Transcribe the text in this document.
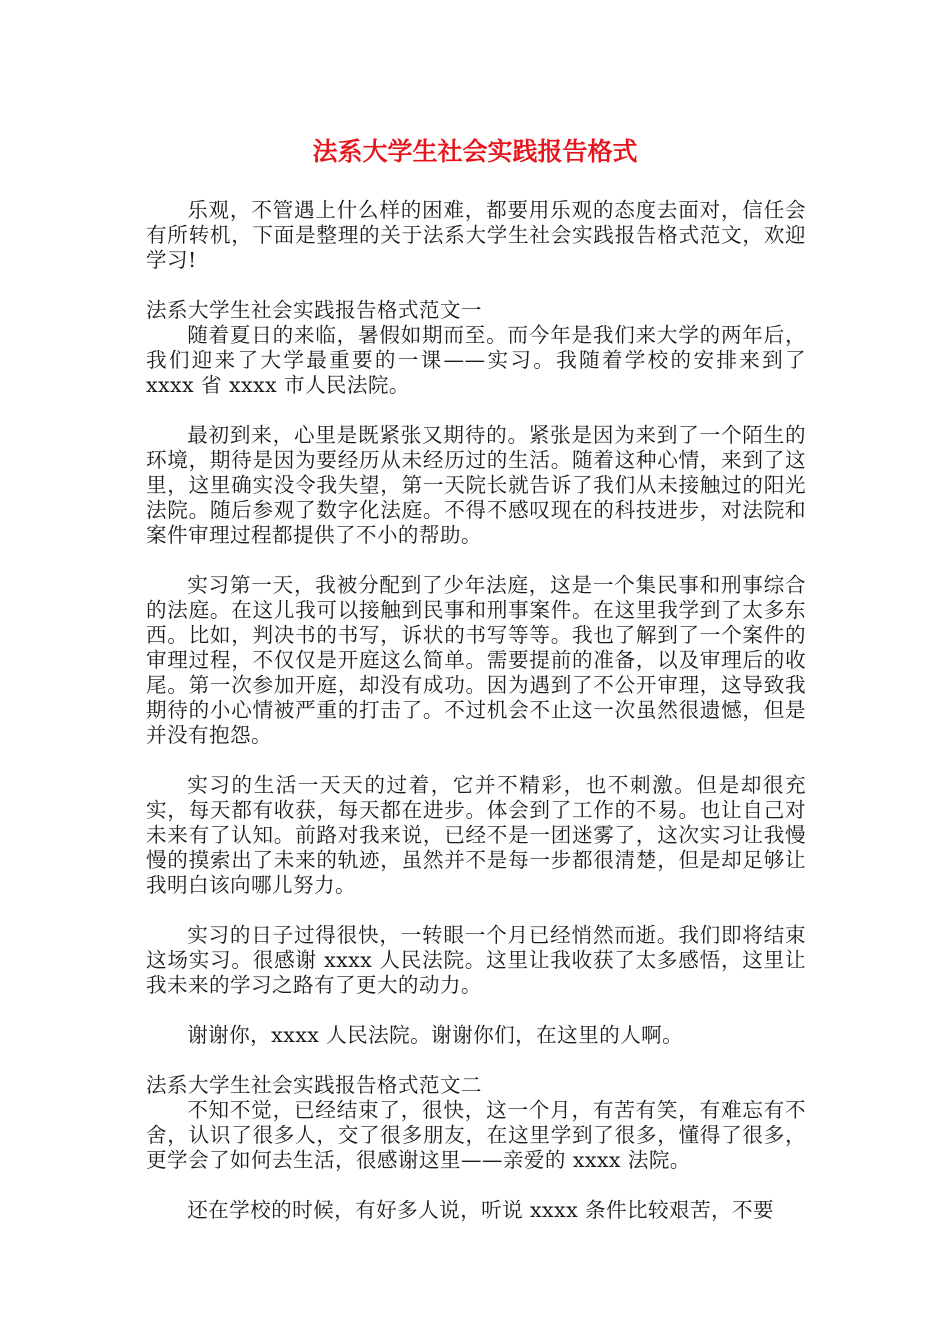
法系大学生社会实践报告格式

乐观，不管遇上什么样的困难，都要用乐观的态度去面对，信任会有所转机，下面是整理的关于法系大学生社会实践报告格式范文，欢迎学习!

法系大学生社会实践报告格式范文一

随着夏日的来临，暑假如期而至。而今年是我们来大学的两年后，我们迎来了大学最重要的一课——实习。我随着学校的安排来到了 xxxx 省 xxxx 市人民法院。

最初到来，心里是既紧张又期待的。紧张是因为来到了一个陌生的环境，期待是因为要经历从未经历过的生活。随着这种心情，来到了这里，这里确实没令我失望，第一天院长就告诉了我们从未接触过的阳光法院。随后参观了数字化法庭。不得不感叹现在的科技进步，对法院和案件审理过程都提供了不小的帮助。

实习第一天，我被分配到了少年法庭，这是一个集民事和刑事综合的法庭。在这儿我可以接触到民事和刑事案件。在这里我学到了太多东西。比如，判决书的书写，诉状的书写等等。我也了解到了一个案件的审理过程，不仅仅是开庭这么简单。需要提前的准备，以及审理后的收尾。第一次参加开庭，却没有成功。因为遇到了不公开审理，这导致我期待的小心情被严重的打击了。不过机会不止这一次虽然很遗憾，但是并没有抱怨。

实习的生活一天天的过着，它并不精彩，也不刺激。但是却很充实，每天都有收获，每天都在进步。体会到了工作的不易。也让自己对未来有了认知。前路对我来说，已经不是一团迷雾了，这次实习让我慢慢的摸索出了未来的轨迹，虽然并不是每一步都很清楚，但是却足够让我明白该向哪儿努力。

实习的日子过得很快，一转眼一个月已经悄然而逝。我们即将结束这场实习。很感谢 xxxx 人民法院。这里让我收获了太多感悟，这里让我未来的学习之路有了更大的动力。

谢谢你，xxxx 人民法院。谢谢你们，在这里的人啊。

法系大学生社会实践报告格式范文二

不知不觉，已经结束了，很快，这一个月，有苦有笑，有难忘有不舍，认识了很多人，交了很多朋友，在这里学到了很多，懂得了很多，更学会了如何去生活，很感谢这里——亲爱的 xxxx 法院。

还在学校的时候，有好多人说，听说 xxxx 条件比较艰苦，不要
